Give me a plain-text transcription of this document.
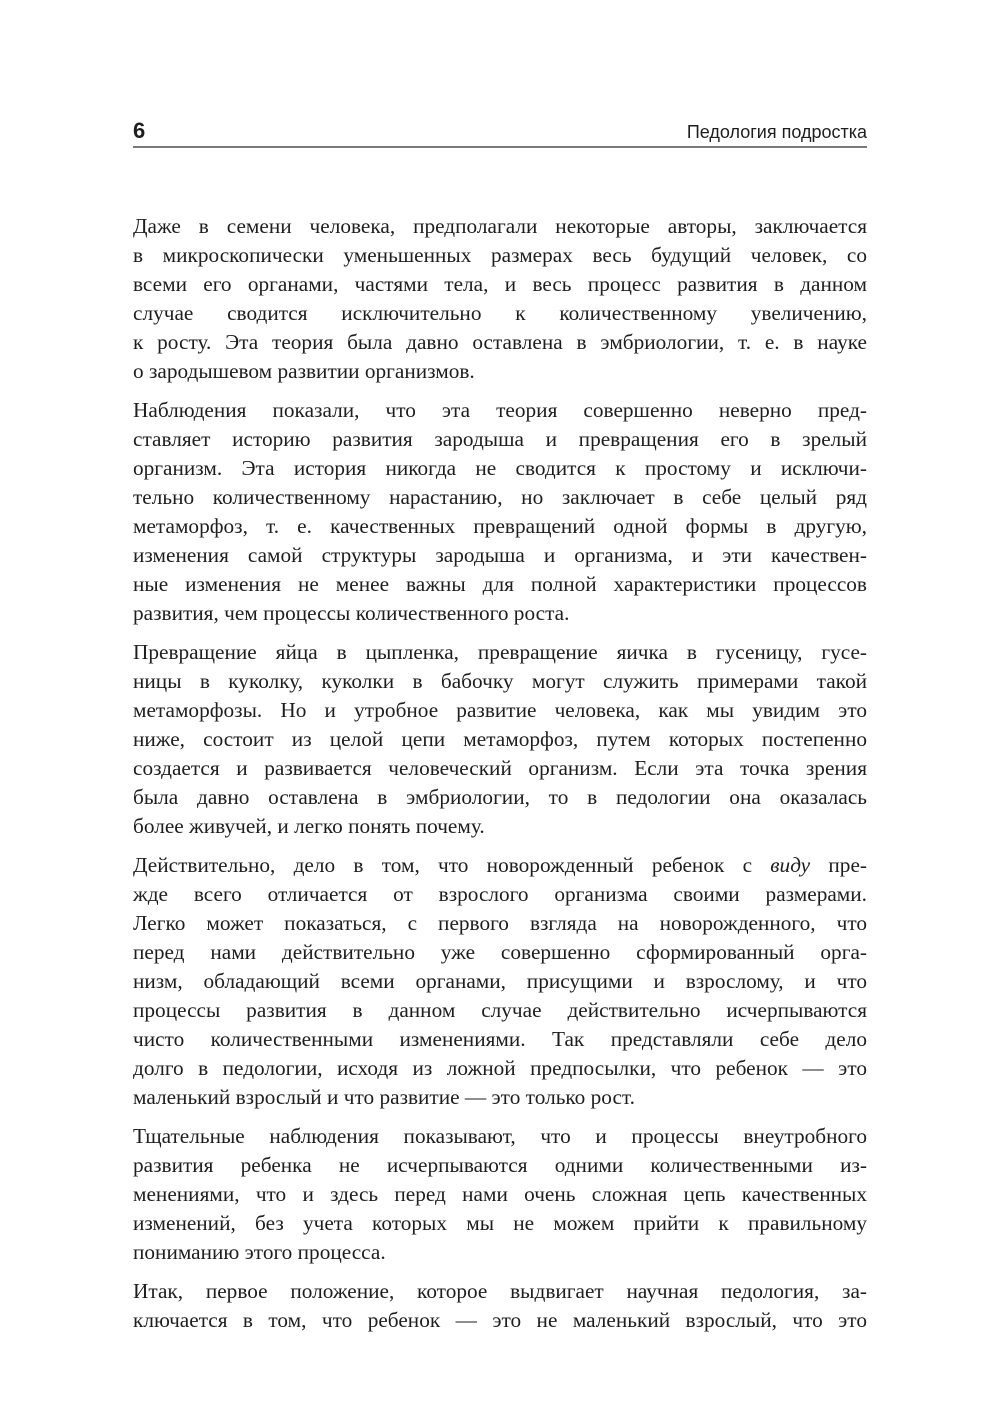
6	Педология подростка

Даже в семени человека, предполагали некоторые авторы, заключается
в микроскопически уменьшенных размерах весь будущий человек, со
всеми его органами, частями тела, и весь процесс развития в данном
случае сводится исключительно к количественному увеличению,
к росту. Эта теория была давно оставлена в эмбриологии, т. е. в науке
о зародышевом развитии организмов.

Наблюдения показали, что эта теория совершенно неверно пред-
ставляет историю развития зародыша и превращения его в зрелый
организм. Эта история никогда не сводится к простому и исключи-
тельно количественному нарастанию, но заключает в себе целый ряд
метаморфоз, т. е. качественных превращений одной формы в другую,
изменения самой структуры зародыша и организма, и эти качествен-
ные изменения не менее важны для полной характеристики процессов
развития, чем процессы количественного роста.

Превращение яйца в цыпленка, превращение яичка в гусеницу, гусе-
ницы в куколку, куколки в бабочку могут служить примерами такой
метаморфозы. Но и утробное развитие человека, как мы увидим это
ниже, состоит из целой цепи метаморфоз, путем которых постепенно
создается и развивается человеческий организм. Если эта точка зрения
была давно оставлена в эмбриологии, то в педологии она оказалась
более живучей, и легко понять почему.

Действительно, дело в том, что новорожденный ребенок с виду пре-
жде всего отличается от взрослого организма своими размерами.
Легко может показаться, с первого взгляда на новорожденного, что
перед нами действительно уже совершенно сформированный орга-
низм, обладающий всеми органами, присущими и взрослому, и что
процессы развития в данном случае действительно исчерпываются
чисто количественными изменениями. Так представляли себе дело
долго в педологии, исходя из ложной предпосылки, что ребенок — это
маленький взрослый и что развитие — это только рост.

Тщательные наблюдения показывают, что и процессы внеутробного
развития ребенка не исчерпываются одними количественными из-
менениями, что и здесь перед нами очень сложная цепь качественных
изменений, без учета которых мы не можем прийти к правильному
пониманию этого процесса.

Итак, первое положение, которое выдвигает научная педология, за-
ключается в том, что ребенок — это не маленький взрослый, что это
